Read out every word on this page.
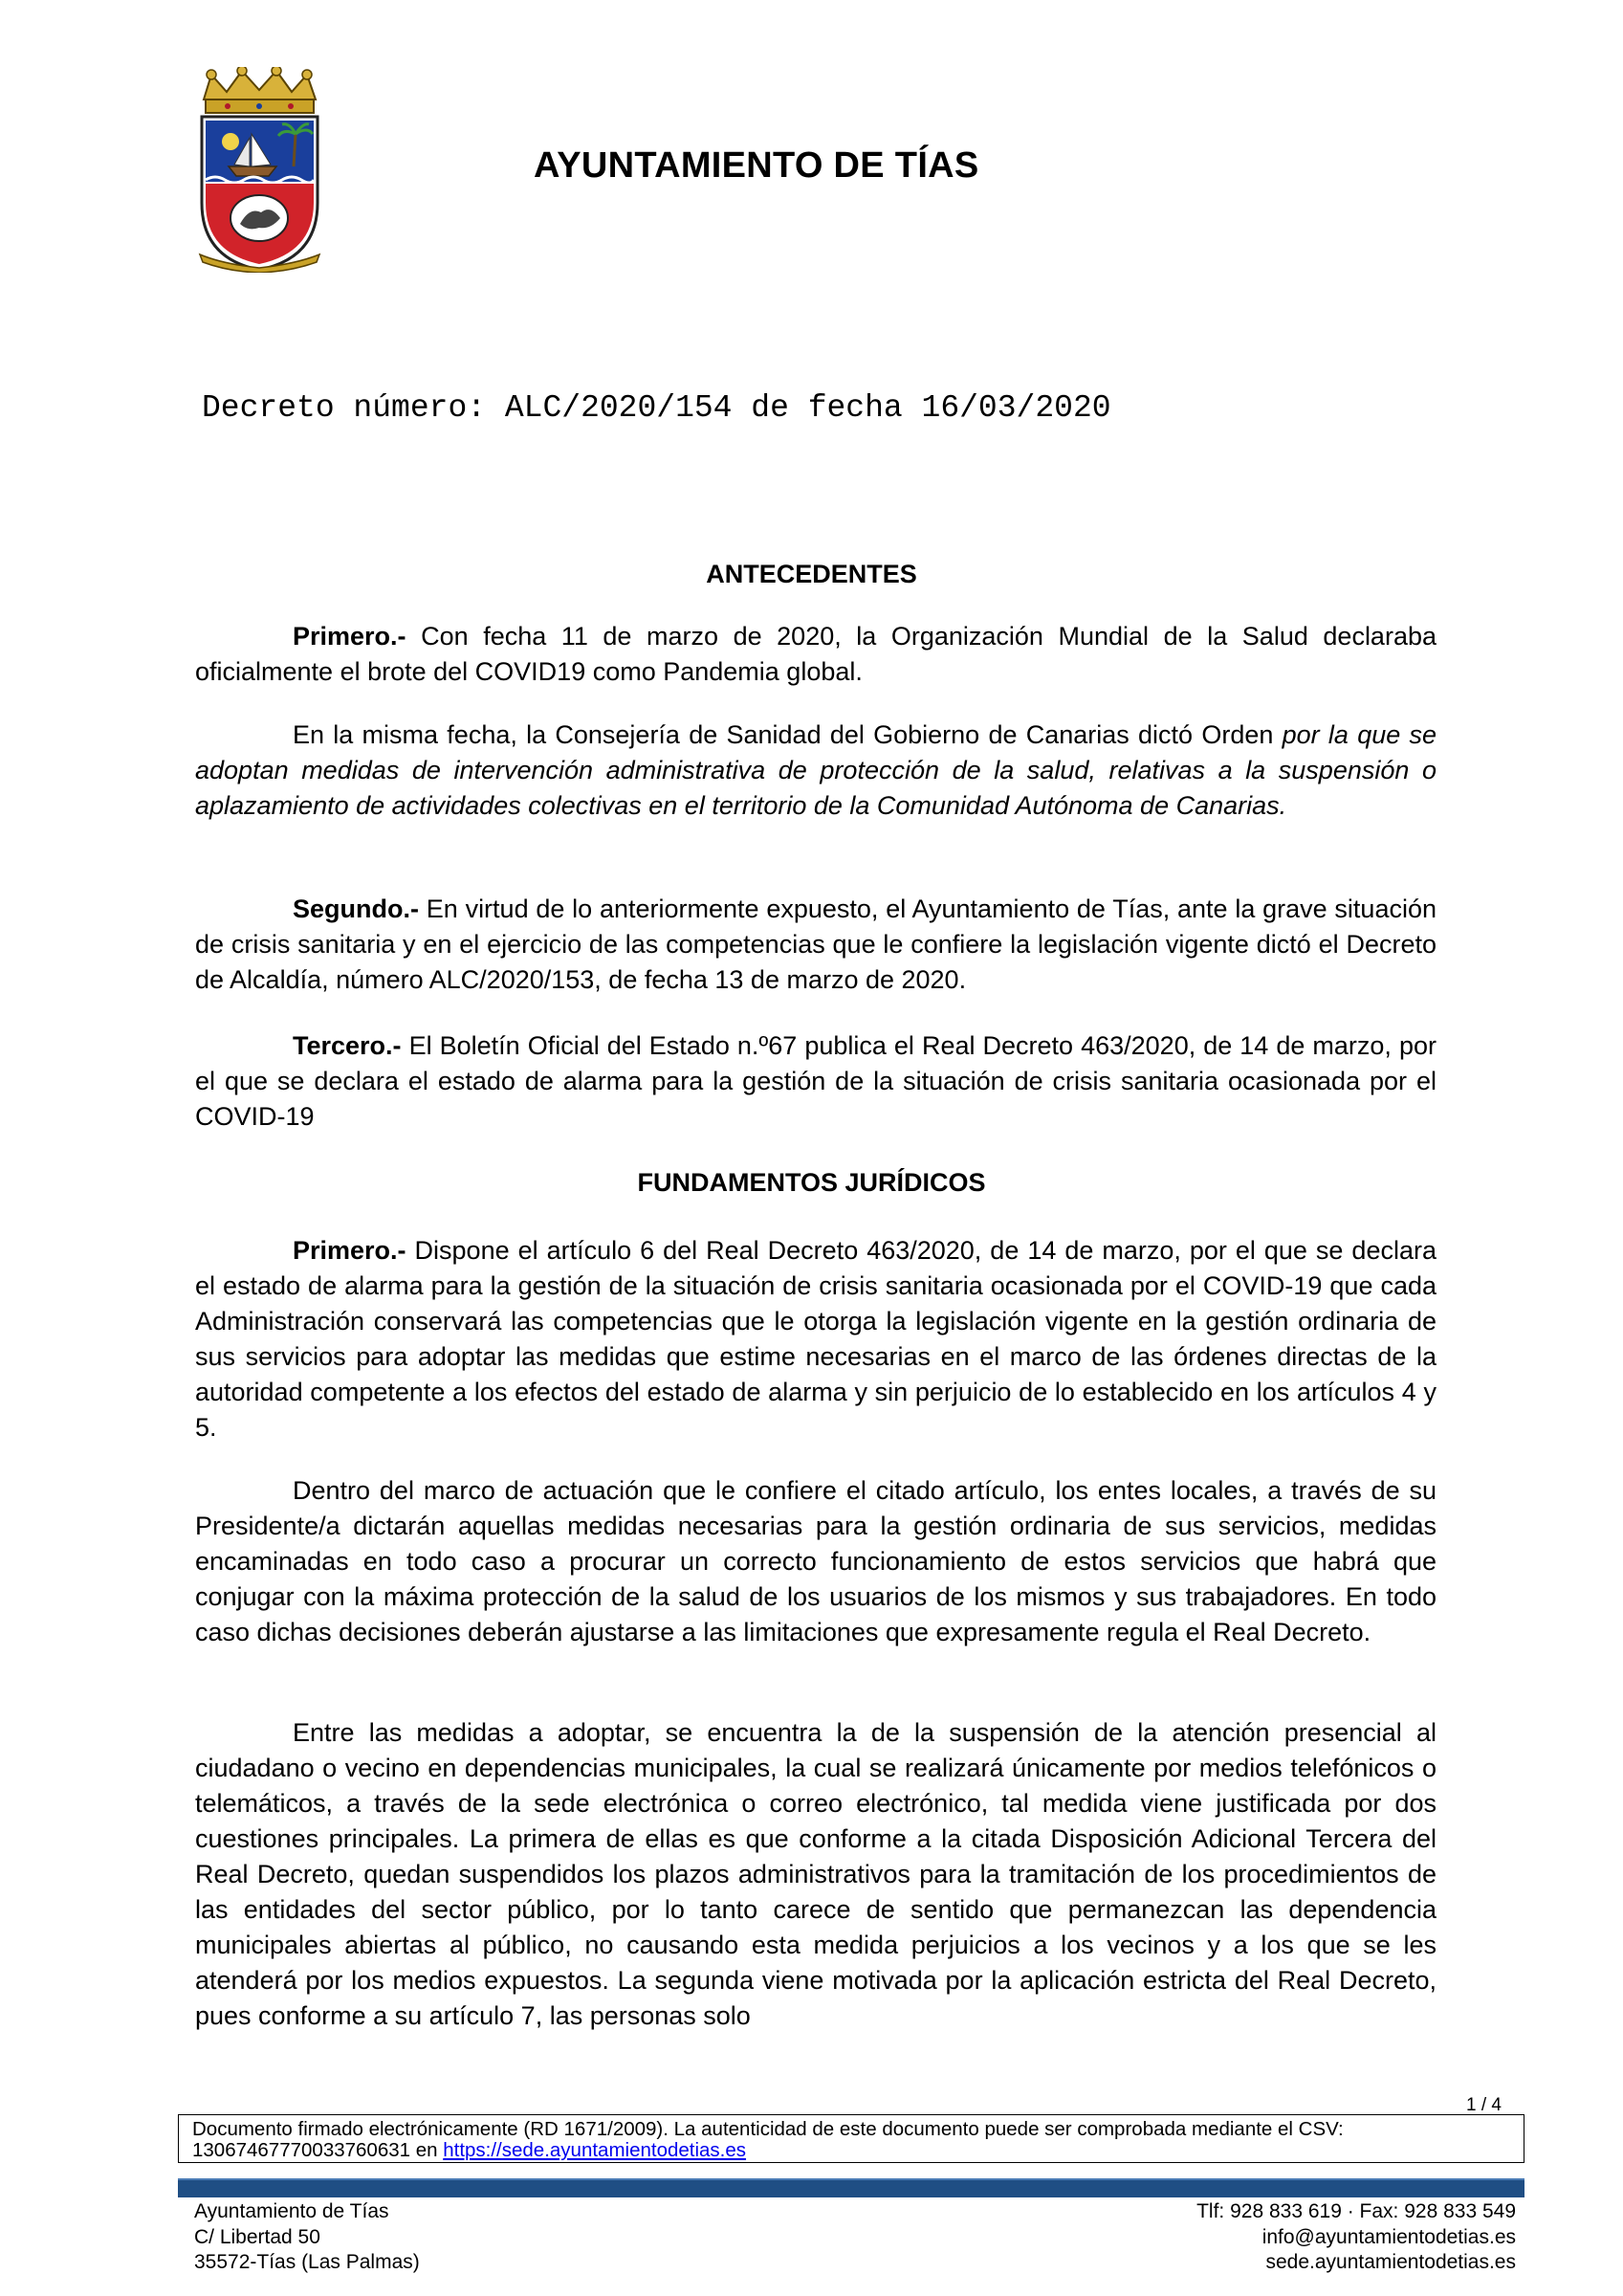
AYUNTAMIENTO DE TÍAS
Decreto número: ALC/2020/154 de fecha 16/03/2020
ANTECEDENTES

Primero.- Con fecha 11 de marzo de 2020, la Organización Mundial de la Salud declaraba oficialmente el brote del COVID19 como Pandemia global.

En la misma fecha, la Consejería de Sanidad del Gobierno de Canarias dictó Orden por la que se adoptan medidas de intervención administrativa de protección de la salud, relativas a la suspensión o aplazamiento de actividades colectivas en el territorio de la Comunidad Autónoma de Canarias.

Segundo.- En virtud de lo anteriormente expuesto, el Ayuntamiento de Tías, ante la grave situación de crisis sanitaria y en el ejercicio de las competencias que le confiere la legislación vigente dictó el Decreto de Alcaldía, número ALC/2020/153, de fecha 13 de marzo de 2020.

Tercero.- El Boletín Oficial del Estado n.º67 publica el Real Decreto 463/2020, de 14 de marzo, por el que se declara el estado de alarma para la gestión de la situación de crisis sanitaria ocasionada por el COVID-19

FUNDAMENTOS JURÍDICOS

Primero.- Dispone el artículo 6 del Real Decreto 463/2020, de 14 de marzo, por el que se declara el estado de alarma para la gestión de la situación de crisis sanitaria ocasionada por el COVID-19 que cada Administración conservará las competencias que le otorga la legislación vigente en la gestión ordinaria de sus servicios para adoptar las medidas que estime necesarias en el marco de las órdenes directas de la autoridad competente a los efectos del estado de alarma y sin perjuicio de lo establecido en los artículos 4 y 5.

Dentro del marco de actuación que le confiere el citado artículo, los entes locales, a través de su Presidente/a dictarán aquellas medidas necesarias para la gestión ordinaria de sus servicios, medidas encaminadas en todo caso a procurar un correcto funcionamiento de estos servicios que habrá que conjugar con la máxima protección de la salud de los usuarios de los mismos y sus trabajadores. En todo caso dichas decisiones deberán ajustarse a las limitaciones que expresamente regula el Real Decreto.

Entre las medidas a adoptar, se encuentra la de la suspensión de la atención presencial al ciudadano o vecino en dependencias municipales, la cual se realizará únicamente por medios telefónicos o telemáticos, a través de la sede electrónica o correo electrónico, tal medida viene justificada por dos cuestiones principales. La primera de ellas es que conforme a la citada Disposición Adicional Tercera del Real Decreto, quedan suspendidos los plazos administrativos para la tramitación de los procedimientos de las entidades del sector público, por lo tanto carece de sentido que permanezcan las dependencia municipales abiertas al público, no causando esta medida perjuicios a los vecinos y a los que se les atenderá por los medios expuestos. La segunda viene motivada por la aplicación estricta del Real Decreto, pues conforme a su artículo 7, las personas solo

1 / 4
Documento firmado electrónicamente (RD 1671/2009). La autenticidad de este documento puede ser comprobada mediante el CSV: 13067467770033760631 en https://sede.ayuntamientodetias.es
Ayuntamiento de Tías
C/ Libertad 50
35572-Tías (Las Palmas)
Tlf: 928 833 619 · Fax: 928 833 549
info@ayuntamientodetias.es
sede.ayuntamientodetias.es
